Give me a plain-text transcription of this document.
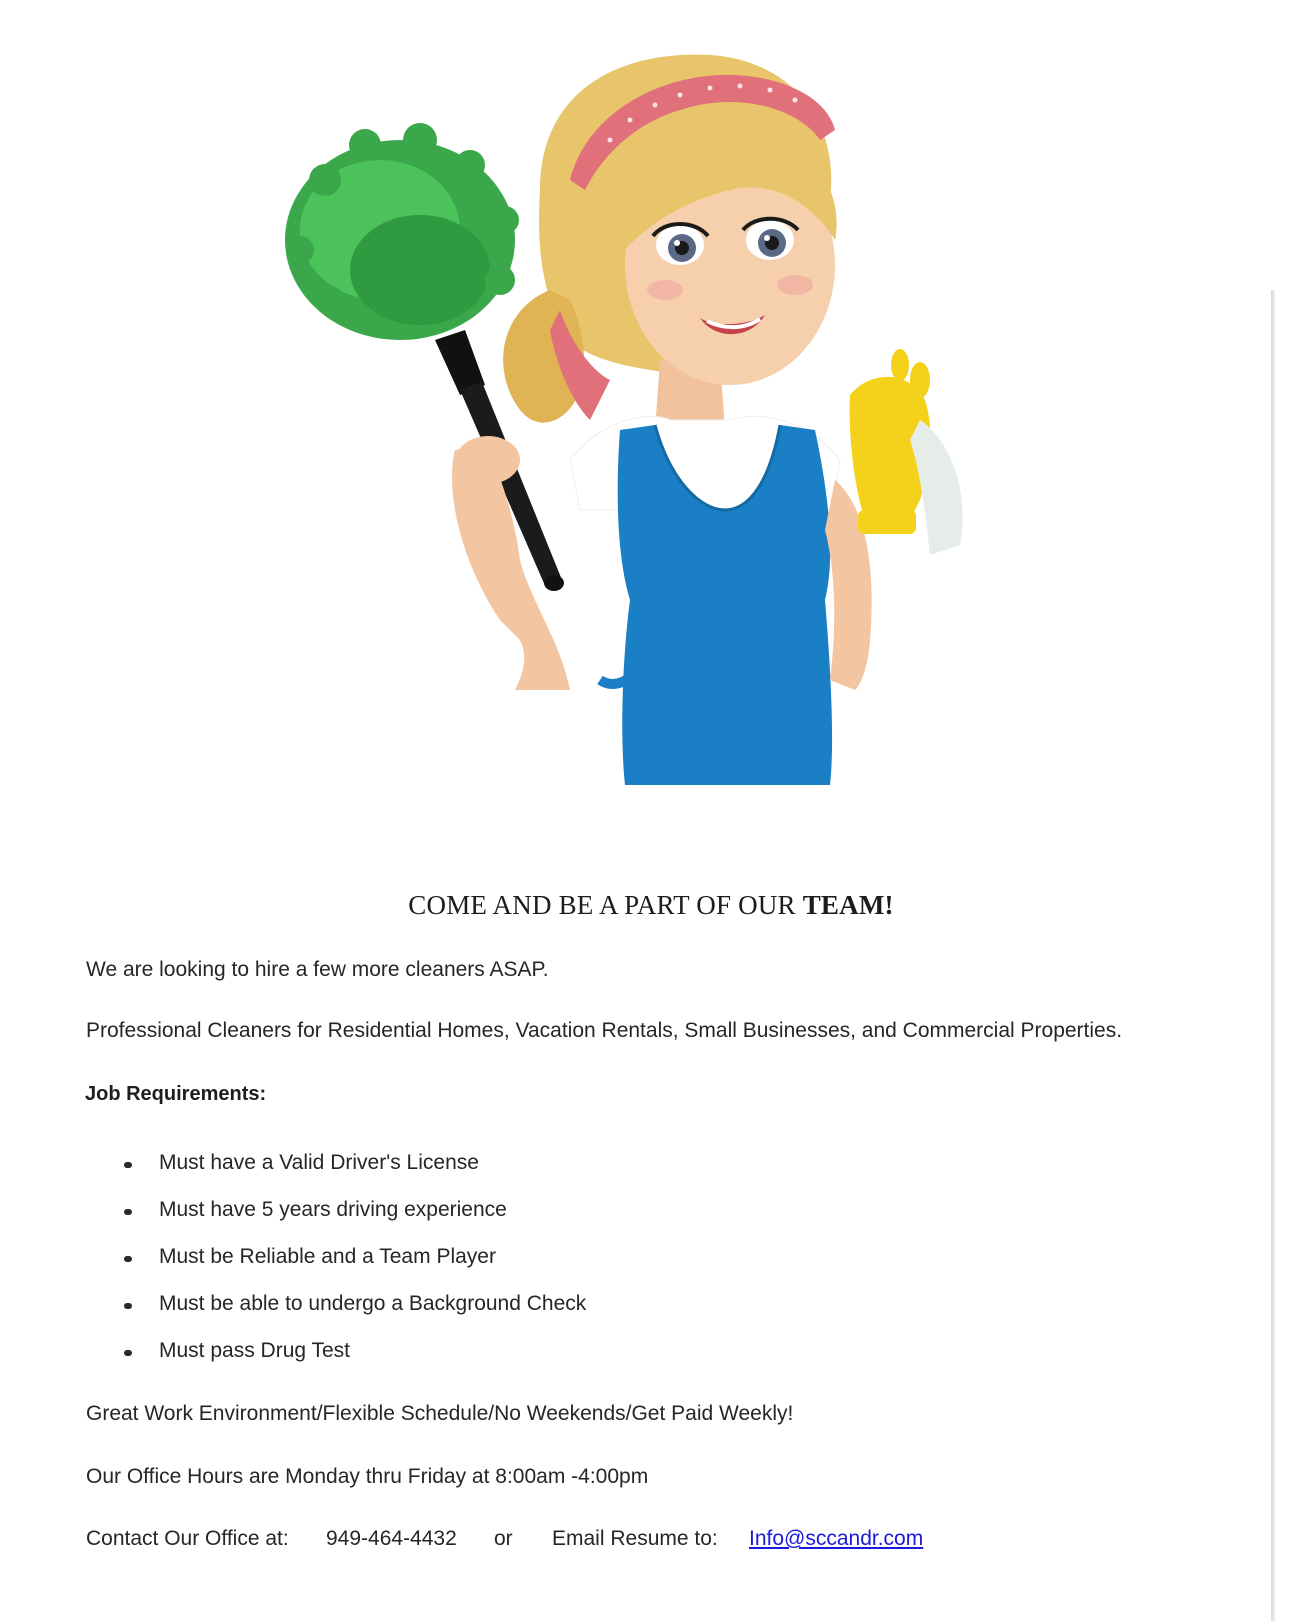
COME AND BE A PART OF OUR TEAM!
We are looking to hire a few more cleaners ASAP.
Professional Cleaners for Residential Homes, Vacation Rentals, Small Businesses, and Commercial Properties.
Job Requirements:
Must have a Valid Driver's License
Must have 5 years driving experience
Must be Reliable and a Team Player
Must be able to undergo a Background Check
Must pass Drug Test
Great Work Environment/Flexible Schedule/No Weekends/Get Paid Weekly!
Our Office Hours are Monday thru Friday at 8:00am -4:00pm
Contact Our Office at: 949-464-4432 or Email Resume to: Info@sccandr.com
